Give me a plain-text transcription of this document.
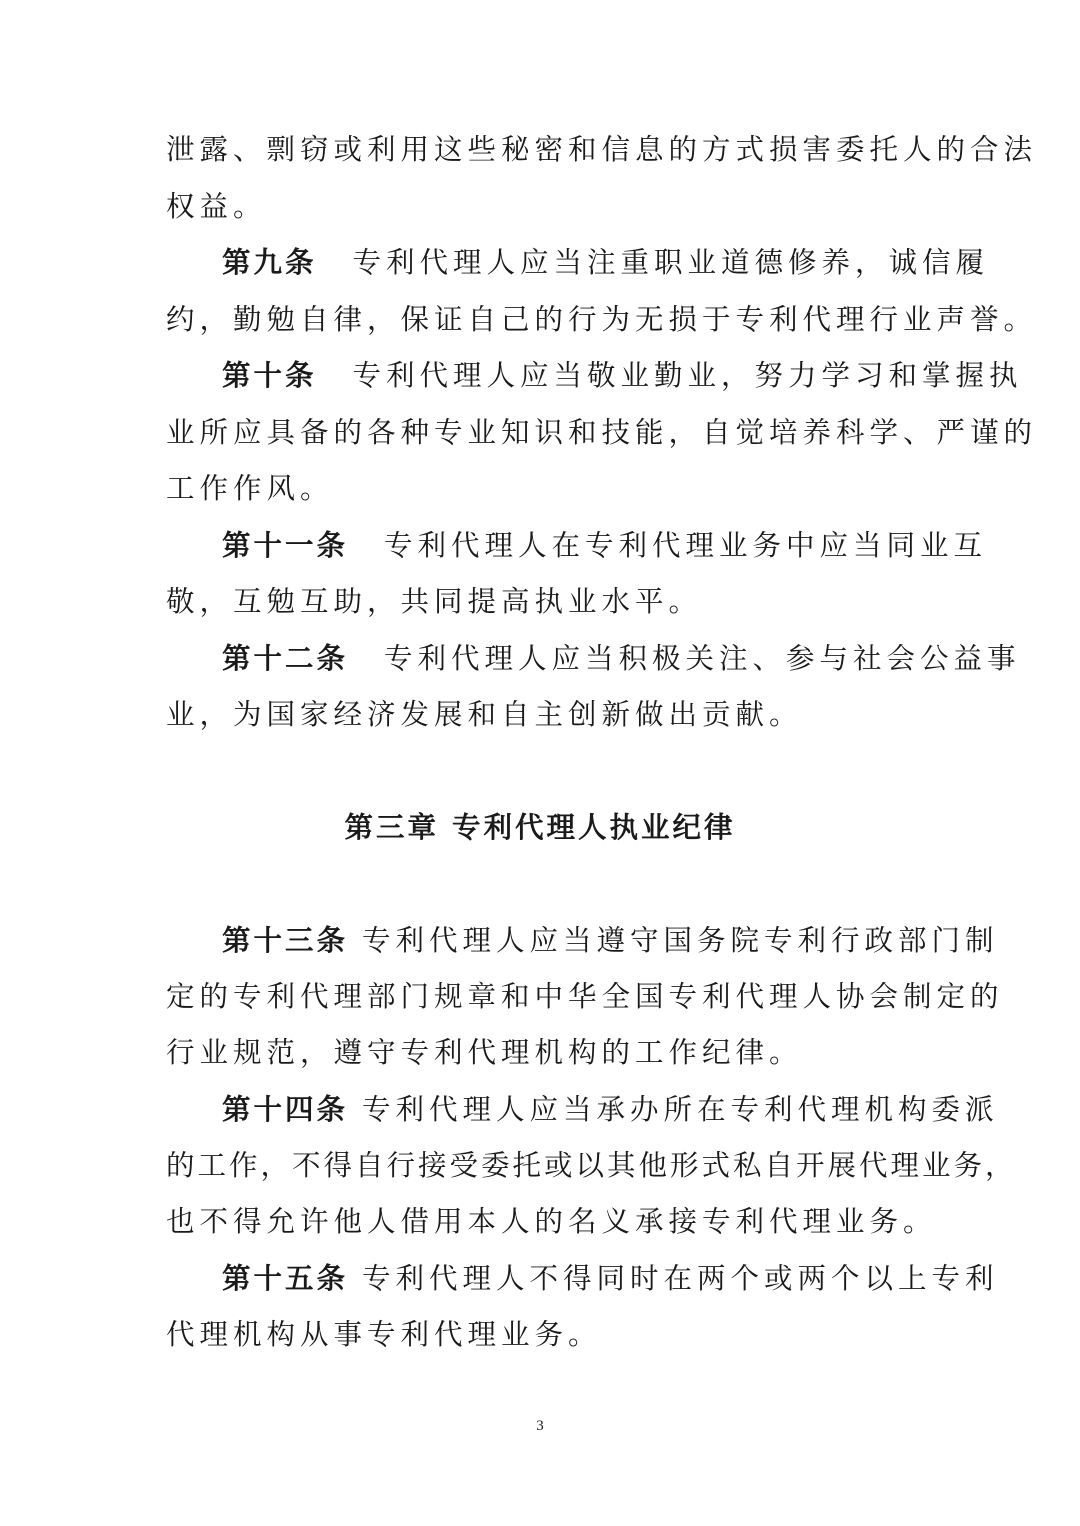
泄露、剽窃或利用这些秘密和信息的方式损害委托人的合法
权益。
第九条 专利代理人应当注重职业道德修养，诚信履
约，勤勉自律，保证自己的行为无损于专利代理行业声誉。
第十条 专利代理人应当敬业勤业，努力学习和掌握执
业所应具备的各种专业知识和技能，自觉培养科学、严谨的
工作作风。
第十一条 专利代理人在专利代理业务中应当同业互
敬，互勉互助，共同提高执业水平。
第十二条 专利代理人应当积极关注、参与社会公益事
业，为国家经济发展和自主创新做出贡献。
第三章 专利代理人执业纪律
第十三条 专利代理人应当遵守国务院专利行政部门制
定的专利代理部门规章和中华全国专利代理人协会制定的
行业规范，遵守专利代理机构的工作纪律。
第十四条 专利代理人应当承办所在专利代理机构委派
的工作，不得自行接受委托或以其他形式私自开展代理业务，
也不得允许他人借用本人的名义承接专利代理业务。
第十五条 专利代理人不得同时在两个或两个以上专利
代理机构从事专利代理业务。
3
